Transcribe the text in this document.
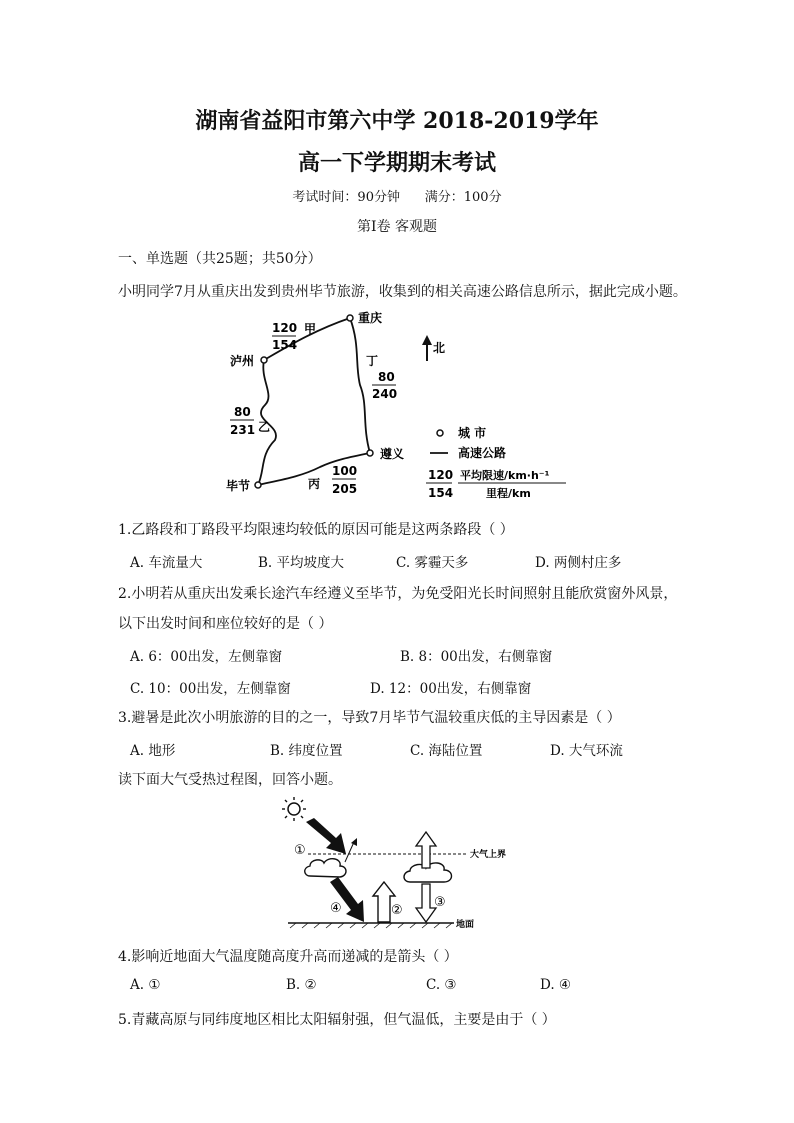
湖南省益阳市第六中学 2018-2019学年
高一下学期期末考试
考试时间：90分钟      满分：100分
第Ⅰ卷 客观题
一、单选题（共25题；共50分）
小明同学7月从重庆出发到贵州毕节旅游，收集到的相关高速公路信息所示，据此完成小题。
重庆
泸州
遵义
毕节
120
154
甲
丁
80
240
80
231 乙
丙
100
205
北
城 市
高速公路
120
154
平均限速/km·h⁻¹
里程/km
1.乙路段和丁路段平均限速均较低的原因可能是这两条路段（ ）
A. 车流量大	B. 平均坡度大	C. 雾霾天多	D. 两侧村庄多
2.小明若从重庆出发乘长途汽车经遵义至毕节，为免受阳光长时间照射且能欣赏窗外风景，
以下出发时间和座位较好的是（ ）
A. 6：00出发，左侧靠窗	B. 8：00出发，右侧靠窗
C. 10：00出发，左侧靠窗	D. 12：00出发，右侧靠窗
3.避暑是此次小明旅游的目的之一，导致7月毕节气温较重庆低的主导因素是（ ）
A. 地形	B. 纬度位置	C. 海陆位置	D. 大气环流
读下面大气受热过程图，回答小题。
大气上界
地面
①
②
③
④
4.影响近地面大气温度随高度升高而递减的是箭头（ ）
A. ①	B. ②	C. ③	D. ④
5.青藏高原与同纬度地区相比太阳辐射强，但气温低，主要是由于（ ）
